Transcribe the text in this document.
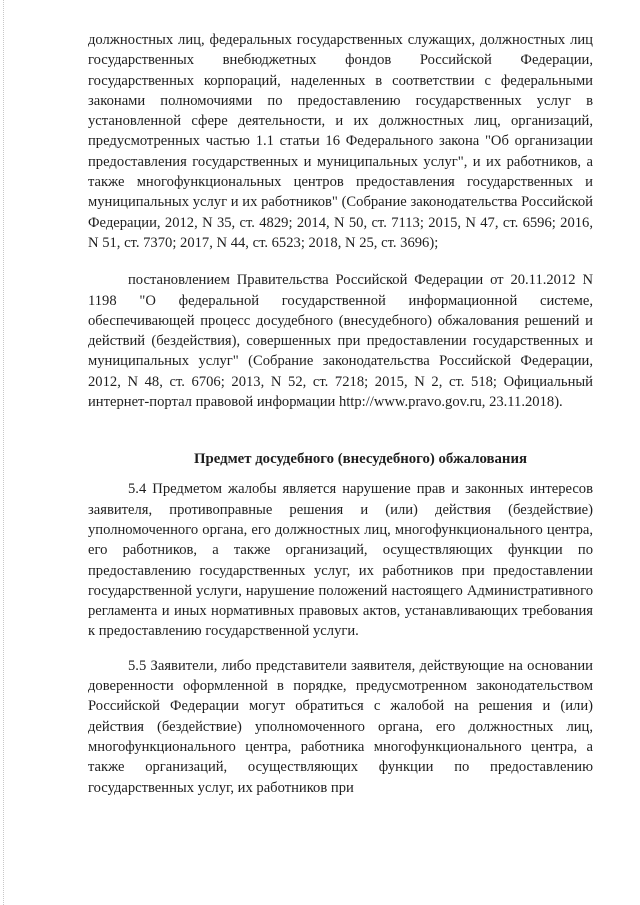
должностных лиц, федеральных государственных служащих, должностных лиц государственных внебюджетных фондов Российской Федерации, государственных корпораций, наделенных в соответствии с федеральными законами полномочиями по предоставлению государственных услуг в установленной сфере деятельности, и их должностных лиц, организаций, предусмотренных частью 1.1 статьи 16 Федерального закона "Об организации предоставления государственных и муниципальных услуг", и их работников, а также многофункциональных центров предоставления государственных и муниципальных услуг и их работников" (Собрание законодательства Российской Федерации, 2012, N 35, ст. 4829; 2014, N 50, ст. 7113; 2015, N 47, ст. 6596; 2016, N 51, ст. 7370; 2017, N 44, ст. 6523; 2018, N 25, ст. 3696);

постановлением Правительства Российской Федерации от 20.11.2012 N 1198 "О федеральной государственной информационной системе, обеспечивающей процесс досудебного (внесудебного) обжалования решений и действий (бездействия), совершенных при предоставлении государственных и муниципальных услуг" (Собрание законодательства Российской Федерации, 2012, N 48, ст. 6706; 2013, N 52, ст. 7218; 2015, N 2, ст. 518; Официальный интернет-портал правовой информации http://www.pravo.gov.ru, 23.11.2018).

Предмет досудебного (внесудебного) обжалования

5.4 Предметом жалобы является нарушение прав и законных интересов заявителя, противоправные решения и (или) действия (бездействие) уполномоченного органа, его должностных лиц, многофункционального центра, его работников, а также организаций, осуществляющих функции по предоставлению государственных услуг, их работников при предоставлении государственной услуги, нарушение положений настоящего Административного регламента и иных нормативных правовых актов, устанавливающих требования к предоставлению государственной услуги.

5.5 Заявители, либо представители заявителя, действующие на основании доверенности оформленной в порядке, предусмотренном законодательством Российской Федерации могут обратиться с жалобой на решения и (или) действия (бездействие) уполномоченного органа, его должностных лиц, многофункционального центра, работника многофункционального центра, а также организаций, осуществляющих функции по предоставлению государственных услуг, их работников при
